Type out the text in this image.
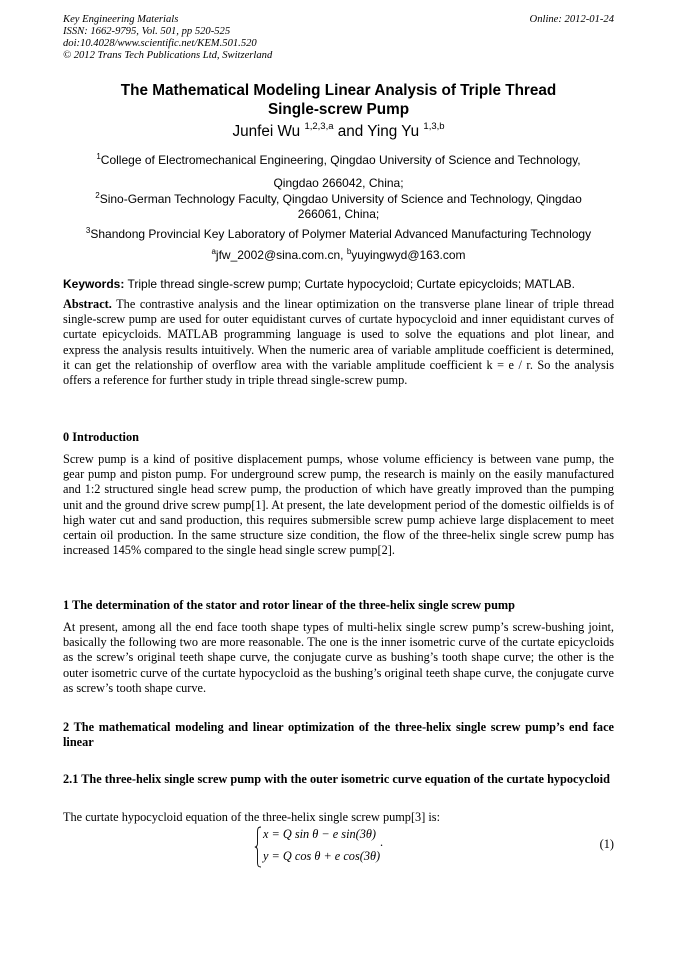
Key Engineering Materials
ISSN: 1662-9795, Vol. 501, pp 520-525
doi:10.4028/www.scientific.net/KEM.501.520
© 2012 Trans Tech Publications Ltd, Switzerland
Online: 2012-01-24
The Mathematical Modeling Linear Analysis of Triple Thread
Single-screw Pump
Junfei Wu $^{1,2,3,a}$ and Ying Yu $^{1,3,b}$
$^1$College of Electromechanical Engineering, Qingdao University of Science and Technology,
Qingdao 266042, China;
$^2$Sino-German Technology Faculty, Qingdao University of Science and Technology, Qingdao
266061, China;
$^3$Shandong Provincial Key Laboratory of Polymer Material Advanced Manufacturing Technology
$^a$jfw_2002@sina.com.cn, $^b$yuyingwyd@163.com
Keywords: Triple thread single-screw pump; Curtate hypocycloid; Curtate epicycloids; MATLAB.
Abstract. The contrastive analysis and the linear optimization on the transverse plane linear of triple thread single-screw pump are used for outer equidistant curves of curtate hypocycloid and inner equidistant curves of curtate epicycloids. MATLAB programming language is used to solve the equations and plot linear, and express the analysis results intuitively. When the numeric area of variable amplitude coefficient is determined, it can get the relationship of overflow area with the variable amplitude coefficient k = e / r. So the analysis offers a reference for further study in triple thread single-screw pump.
0 Introduction
Screw pump is a kind of positive displacement pumps, whose volume efficiency is between vane pump, the gear pump and piston pump. For underground screw pump, the research is mainly on the easily manufactured and 1:2 structured single head screw pump, the production of which have greatly improved than the pumping unit and the ground drive screw pump[1]. At present, the late development period of the domestic oilfields is of high water cut and sand production, this requires submersible screw pump achieve large displacement to meet certain oil production. In the same structure size condition, the flow of the three-helix single screw pump has increased 145% compared to the single head single screw pump[2].
1 The determination of the stator and rotor linear of the three-helix single screw pump
At present, among all the end face tooth shape types of multi-helix single screw pump’s screw-bushing joint, basically the following two are more reasonable. The one is the inner isometric curve of the curtate epicycloids as the screw’s original teeth shape curve, the conjugate curve as bushing’s tooth shape curve; the other is the outer isometric curve of the curtate hypocycloid as the bushing’s original teeth shape curve, the conjugate curve as screw’s tooth shape curve.
2 The mathematical modeling and linear optimization of the three-helix single screw pump’s end face linear
2.1 The three-helix single screw pump with the outer isometric curve equation of the curtate hypocycloid
The curtate hypocycloid equation of the three-helix single screw pump[3] is:
x = Q sin θ − e sin(3θ)
y = Q cos θ + e cos(3θ)
.	(1)
